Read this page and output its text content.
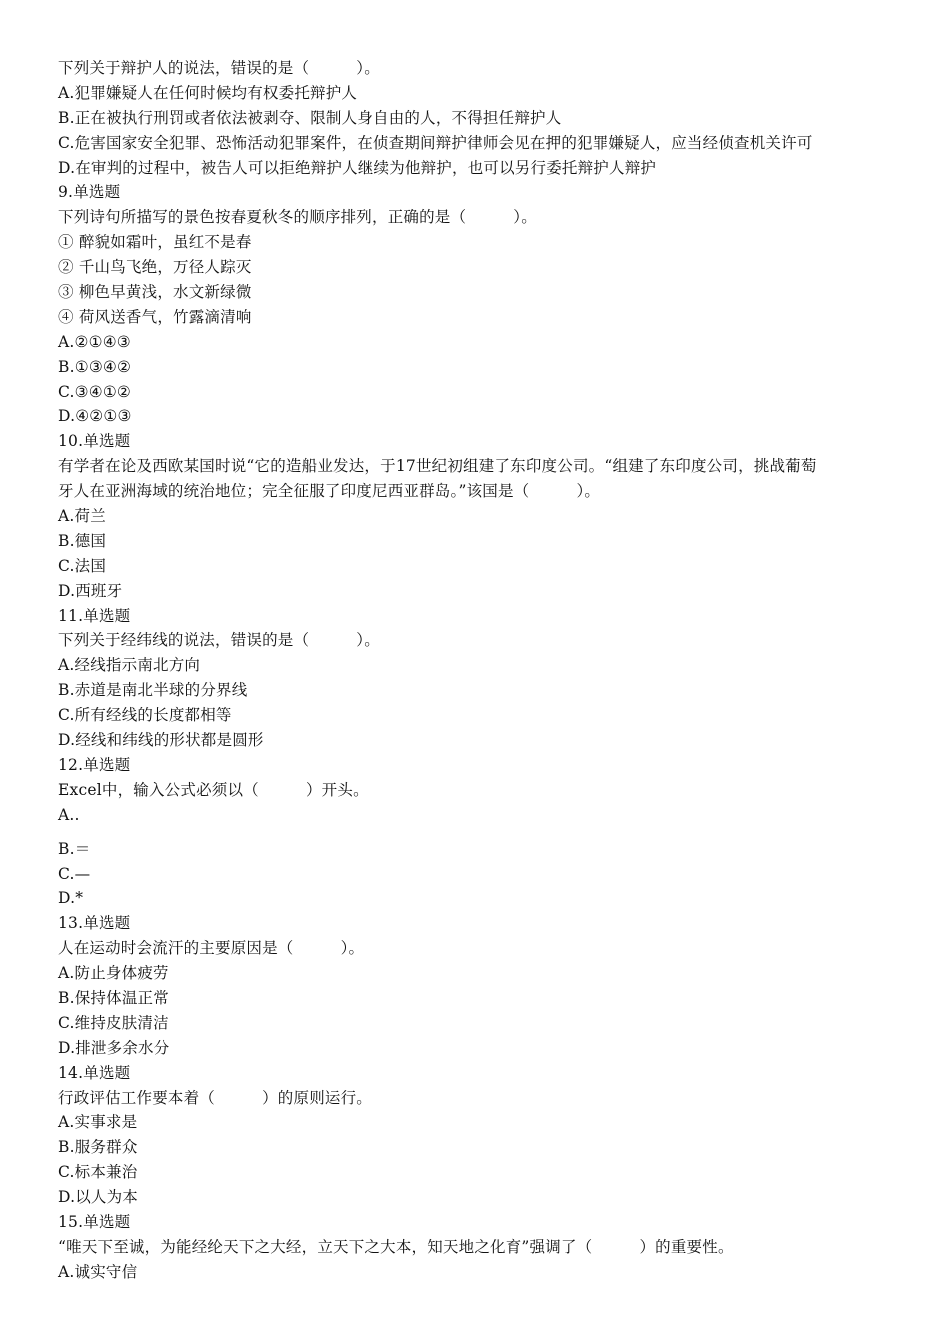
下列关于辩护人的说法，错误的是（　　　）。
A.犯罪嫌疑人在任何时候均有权委托辩护人
B.正在被执行刑罚或者依法被剥夺、限制人身自由的人，不得担任辩护人
C.危害国家安全犯罪、恐怖活动犯罪案件，在侦查期间辩护律师会见在押的犯罪嫌疑人，应当经侦查机关许可
D.在审判的过程中，被告人可以拒绝辩护人继续为他辩护，也可以另行委托辩护人辩护
9.单选题
下列诗句所描写的景色按春夏秋冬的顺序排列，正确的是（　　　）。
① 醉貌如霜叶，虽红不是春
② 千山鸟飞绝，万径人踪灭
③ 柳色早黄浅，水文新绿微
④ 荷风送香气，竹露滴清响
A.②①④③
B.①③④②
C.③④①②
D.④②①③
10.单选题
有学者在论及西欧某国时说“它的造船业发达，于17世纪初组建了东印度公司。“组建了东印度公司，挑战葡萄
牙人在亚洲海域的统治地位；完全征服了印度尼西亚群岛。”该国是（　　　）。
A.荷兰
B.德国
C.法国
D.西班牙
11.单选题
下列关于经纬线的说法，错误的是（　　　）。
A.经线指示南北方向
B.赤道是南北半球的分界线
C.所有经线的长度都相等
D.经线和纬线的形状都是圆形
12.单选题
Excel中，输入公式必须以（　　　）开头。
A..
B.＝
C.—
D.*
13.单选题
人在运动时会流汗的主要原因是（　　　）。
A.防止身体疲劳
B.保持体温正常
C.维持皮肤清洁
D.排泄多余水分
14.单选题
行政评估工作要本着（　　　）的原则运行。
A.实事求是
B.服务群众
C.标本兼治
D.以人为本
15.单选题
“唯天下至诚，为能经纶天下之大经，立天下之大本，知天地之化育”强调了（　　　）的重要性。
A.诚实守信
